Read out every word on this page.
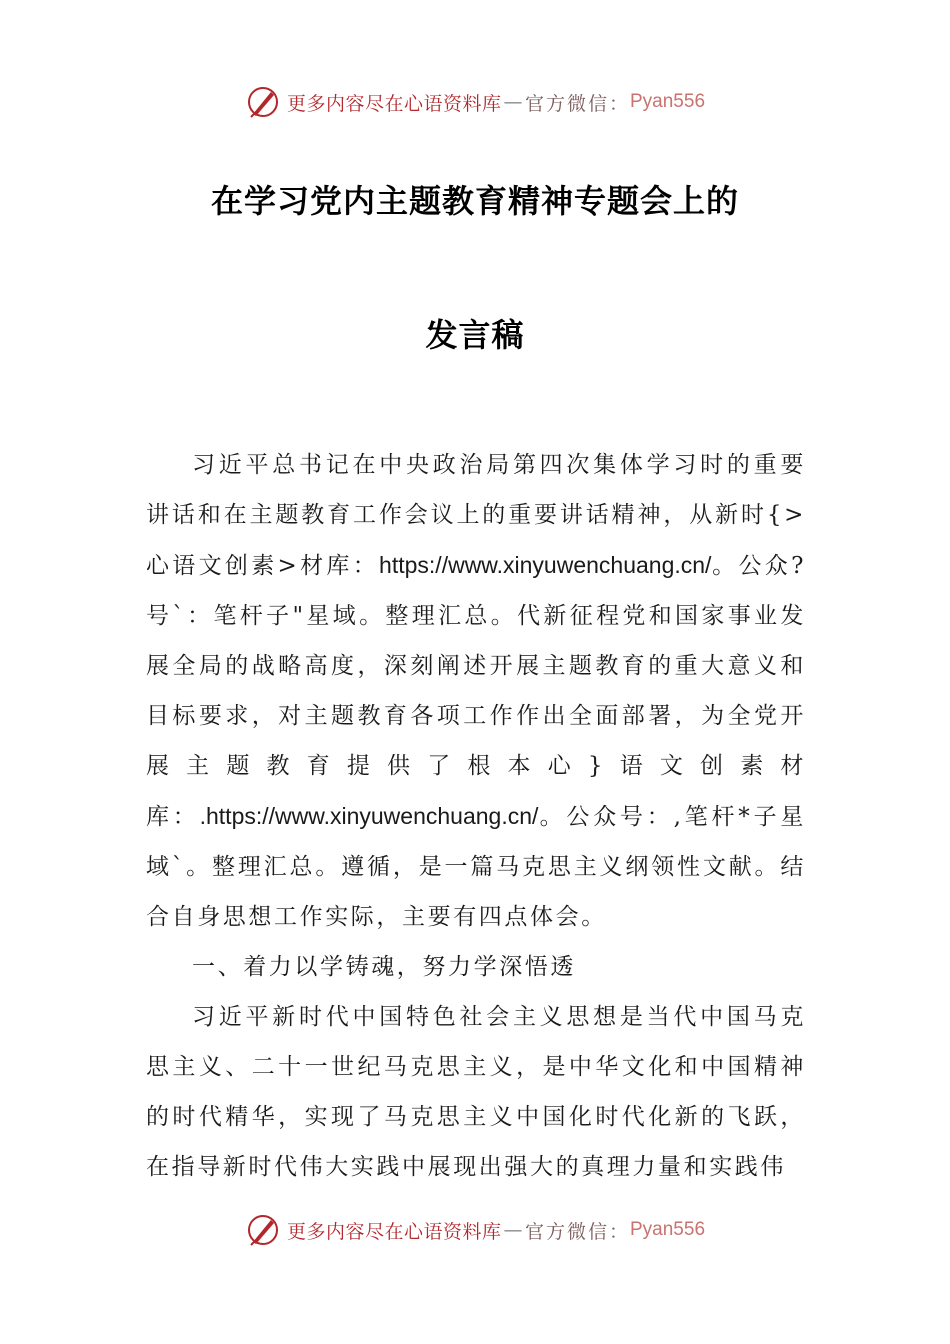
更多内容尽在心语资料库 — 官方微信： Pyan556
在学习党内主题教育精神专题会上的
发言稿

习近平总书记在中央政治局第四次集体学习时的重要讲话和在主题教育工作会议上的重要讲话精神，从新时{>心语文创素>材库：https://www.xinyuwenchuang.cn/。公众?号`：笔杆子"星域。整理汇总。代新征程党和国家事业发展全局的战略高度，深刻阐述开展主题教育的重大意义和目标要求，对主题教育各项工作作出全面部署，为全党开展主题教育提供了根本心}语文创素材库：.https://www.xinyuwenchuang.cn/。公众号：,笔杆*子星域`。整理汇总。遵循，是一篇马克思主义纲领性文献。结合自身思想工作实际，主要有四点体会。

一、着力以学铸魂，努力学深悟透

习近平新时代中国特色社会主义思想是当代中国马克思主义、二十一世纪马克思主义，是中华文化和中国精神的时代精华，实现了马克思主义中国化时代化新的飞跃，在指导新时代伟大实践中展现出强大的真理力量和实践伟

更多内容尽在心语资料库 — 官方微信： Pyan556
